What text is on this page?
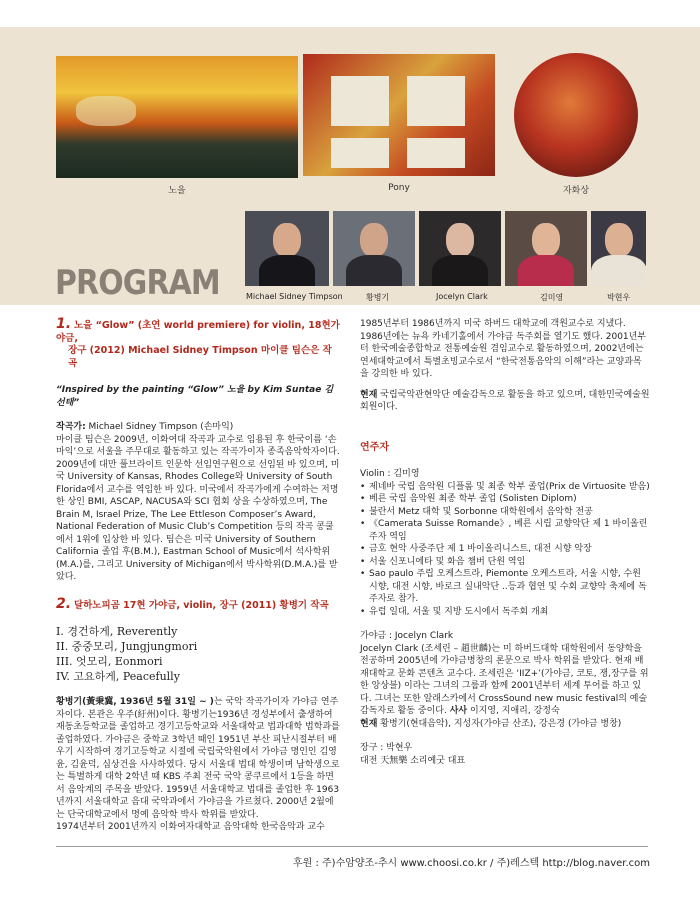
노을	Pony	자화상
Michael Sidney Timpson	황병기	Jocelyn Clark	김미영	박현우
PROGRAM

1. 노을 “Glow” (초연 world premiere) for violin, 18현가야금,

장구 (2012) Michael Sidney Timpson 마이클 팀슨은 작곡

“Inspired by the painting “Glow” 노을 by Kim Suntae 김선태”

작곡가: Michael Sidney Timpson (손마익)

마이클 팀슨은 2009년, 이화여대 작곡과 교수로 임용된 후 한국이름 ‘손마익’으로 서울을 주무대로 활동하고 있는 작곡가이자 종족음악학자이다. 2009년에 대만 풀브라이트 인문학 선임연구원으로 선임된 바 있으며, 미국 University of Kansas, Rhodes College와 University of South Florida에서 교수를 역임한 바 있다. 미국에서 작곡가에게 수여하는 저명한 상인 BMI, ASCAP, NACUSA와 SCI 협회 상을 수상하였으며, The Brain M, Israel Prize, The Lee Ettleson Composer’s Award, National Federation of Music Club’s Competition 등의 작곡 콩쿨에서 1위에 입상한 바 있다. 팀슨은 미국 University of Southern California 졸업 후(B.M.), Eastman School of Music에서 석사학위(M.A.)를, 그리고 University of Michigan에서 박사학위(D.M.A.)를 받았다.

2. 달하노피곰 17현 가야금, violin, 장구 (2011) 황병기 작곡

I. 경건하게, Reverently

II. 중중모리, Jungjungmori

III. 엇모리, Eonmori

IV. 고요하게, Peacefully

황병기(黃秉冀, 1936년 5월 31일 ~ )는 국악 작곡가이자 가야금 연주자이다. 본관은 우주(紆州)이다. 황병기는1936년 경성부에서 출생하여 재동초등학교를 졸업하고 경기고등학교와 서울대학교 법과대학 법학과를 졸업하였다. 가야금은 중학교 3학년 때인 1951년 부산 피난시절부터 배우기 시작하여 경기고등학교 시절에 국립국악원에서 가야금 명인인 김영윤, 김윤덕, 심상건을 사사하였다. 당시 서울대 법대 학생이며 남학생으로는 특별하게 대학 2학년 때 KBS 주최 전국 국악 콩쿠르에서 1등을 하면서 음악계의 주목을 받았다. 1959년 서울대학교 법대를 졸업한 후 1963년까지 서울대학교 음대 국악과에서 가야금을 가르쳤다. 2000년 2월에는 단국대학교에서 명예 음악학 박사 학위를 받았다.

1974년부터 2001년까지 이화여자대학교 음악대학 한국음악과 교수

1985년부터 1986년까지 미국 하버드 대학교에 객원교수로 지냈다. 1986년에는 뉴욕 카네기홀에서 가야금 독주회를 열기도 했다. 2001년부터 한국예술종합학교 전통예술원 겸임교수로 활동하였으며, 2002년에는 연세대학교에서 특별초빙교수로서 “한국전통음악의 이해”라는 교양과목을 강의한 바 있다.

현재 국립국악관현악단 예술감독으로 활동을 하고 있으며, 대한민국예술원 회원이다.

연주자

Violin : 김미영

• 제네바 국립 음악원 디플롬 및 최종 학부 졸업(Prix de Virtuosite 받음)
• 베른 국립 음악원 최종 학부 졸업 (Solisten Diplom)
• 불란서 Metz 대학 및 Sorbonne 대학원에서 음악학 전공
• 《Camerata Suisse Romande》, 베른 시립 교향악단 제 1 바이올린 주자 역임
• 금호 현악 사중주단 제 1 바이올리니스트, 대전 시향 악장
• 서울 신포니에타 및 화음 챔버 단원 역임
• Sao paulo 주립 오케스트라, Piemonte 오케스트라, 서울 시향, 수원 시향, 대전 시향, 바로크 실내악단 ..등과 협연 및 수회 교향악 축제에 독주자로 참가.
• 유럽 일대, 서울 및 지방 도시에서 독주회 개최

가야금 : Jocelyn Clark

Jocelyn Clark (조세린 – 趙世麟)는 미 하버드대학 대학원에서 동양학을 전공하며 2005년에 가야금병창의 론문으로 박사 학위를 받았다. 현재 배재대학교 문화 콘텐츠 교수다. 조세린은 ‘IIZ+’(가야금, 코토, 쟁,장구를 위한 앙상블) 이라는 그녀의 그룹과 함께 2001년부터 세계 투어를 하고 있다. 그녀는 또한 알래스카에서 CrossSound new music festival의 예술감독자로 활동 중이다. 사사 이지영, 지애리, 강정숙

현재 황병기(현대음악), 지성자(가야금 산조), 강은경 (가야금 병창)

장구 : 박현우

대전 天無樂 소리예굿 대표

후원 : 주)수암양조-추시 www.choosi.co.kr / 주)레스텍 http://blog.naver.com
